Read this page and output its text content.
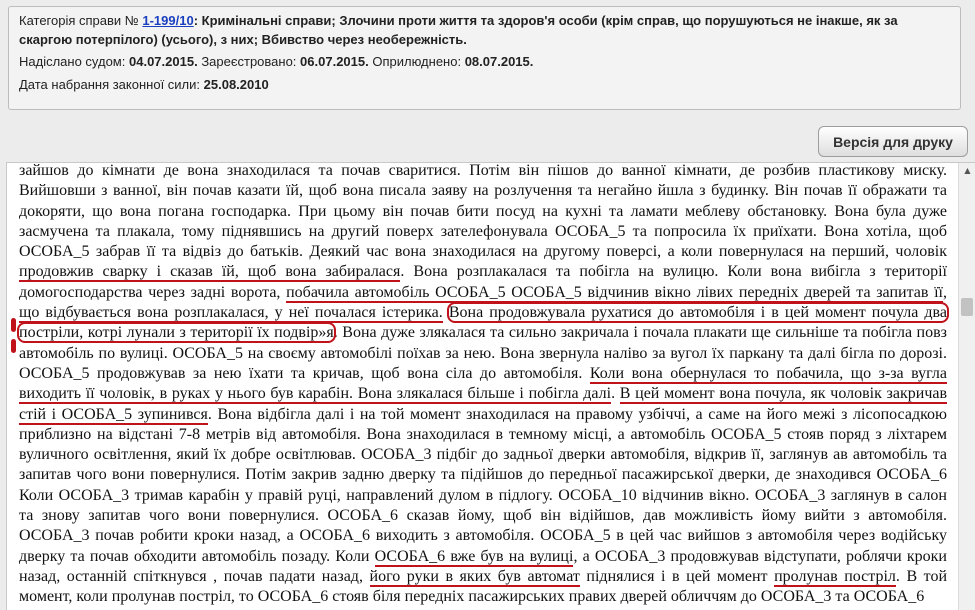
Категорія справи № 1-199/10: Кримінальні справи; Злочини проти життя та здоров'я особи (крім справ, що порушуються не інакше, як за скаргою потерпілого) (усього), з них; Вбивство через необережність.
Надіслано судом: 04.07.2015. Зареєстровано: 06.07.2015. Оприлюднено: 08.07.2015.
Дата набрання законної сили: 25.08.2010
Версія для друку
зайшов до кімнати де вона знаходилася та почав сваритися. Потім він пішов до ванної кімнати, де розбив пластикову миску.
Вийшовши з ванної, він почав казати їй, щоб вона писала заяву на розлучення та негайно йшла з будинку. Він почав її ображати та
докоряти, що вона погана господарка. При цьому він почав бити посуд на кухні та ламати меблеву обстановку. Вона була дуже
засмучена та плакала, тому піднявшись на другий поверх зателефонувала ОСОБА_5 та попросила їх приїхати. Вона хотіла, щоб
ОСОБА_5 забрав її та відвіз до батьків. Деякий час вона знаходилася на другому поверсі, а коли повернулася на перший, чоловік
продовжив сварку і сказав їй, щоб вона забиралася. Вона розплакалася та побігла на вулицю. Коли вона вибігла з території
домогосподарства через задні ворота, побачила автомобіль ОСОБА_5 ОСОБА_5 відчинив вікно лівих передніх дверей та запитав її,
що відбувається вона розплакалася, у неї почалася істерика. Вона продовжувала рухатися до автомобіля і в цей момент почула два
постріли, котрі лунали з території їх подвір»я. Вона дуже злякалася та сильно закричала і почала плакати ще сильніше та побігла повз
автомобіль по вулиці. ОСОБА_5 на своєму автомобілі поїхав за нею. Вона звернула наліво за вугол їх паркану та далі бігла по дорозі.
ОСОБА_5 продовжував за нею їхати та кричав, щоб вона сіла до автомобіля. Коли вона обернулася то побачила, що з-за вугла
виходить її чоловік, в руках у нього був карабін. Вона злякалася більше і побігла далі. В цей момент вона почула, як чоловік закричав
стій і ОСОБА_5 зупинився. Вона відбігла далі і на той момент знаходилася на правому узбіччі, а саме на його межі з лісопосадкою
приблизно на відстані 7-8 метрів від автомобіля. Вона знаходилася в темному місці, а автомобіль ОСОБА_5 стояв поряд з ліхтарем
вуличного освітлення, який їх добре освітлював. ОСОБА_3 підбіг до задньої дверки автомобіля, відкрив її, заглянув ав автомобіль та
запитав чого вони повернулися. Потім закрив задню дверку та підійшов до передньої пасажирської дверки, де знаходився ОСОБА_6
Коли ОСОБА_3 тримав карабін у правій руці, направлений дулом в підлогу. ОСОБА_10 відчинив вікно. ОСОБА_3 заглянув в салон
та знову запитав чого вони повернулися. ОСОБА_6 сказав йому, щоб він відійшов, дав можливість йому вийти з автомобіля.
ОСОБА_3 почав робити кроки назад, а ОСОБА_6 виходить з автомобіля. ОСОБА_5 в цей час вийшов з автомобіля через водійську
дверку та почав обходити автомобіль позаду. Коли ОСОБА_6 вже був на вулиці, а ОСОБА_3 продовжував відступати, роблячи кроки
назад, останній спіткнувся , почав падати назад, його руки в яких був автомат піднялися і в цей момент пролунав постріл. В той
момент, коли пролунав постріл, то ОСОБА_6 стояв біля передніх пасажирських правих дверей обличчям до ОСОБА_3 та ОСОБА_6
▲
